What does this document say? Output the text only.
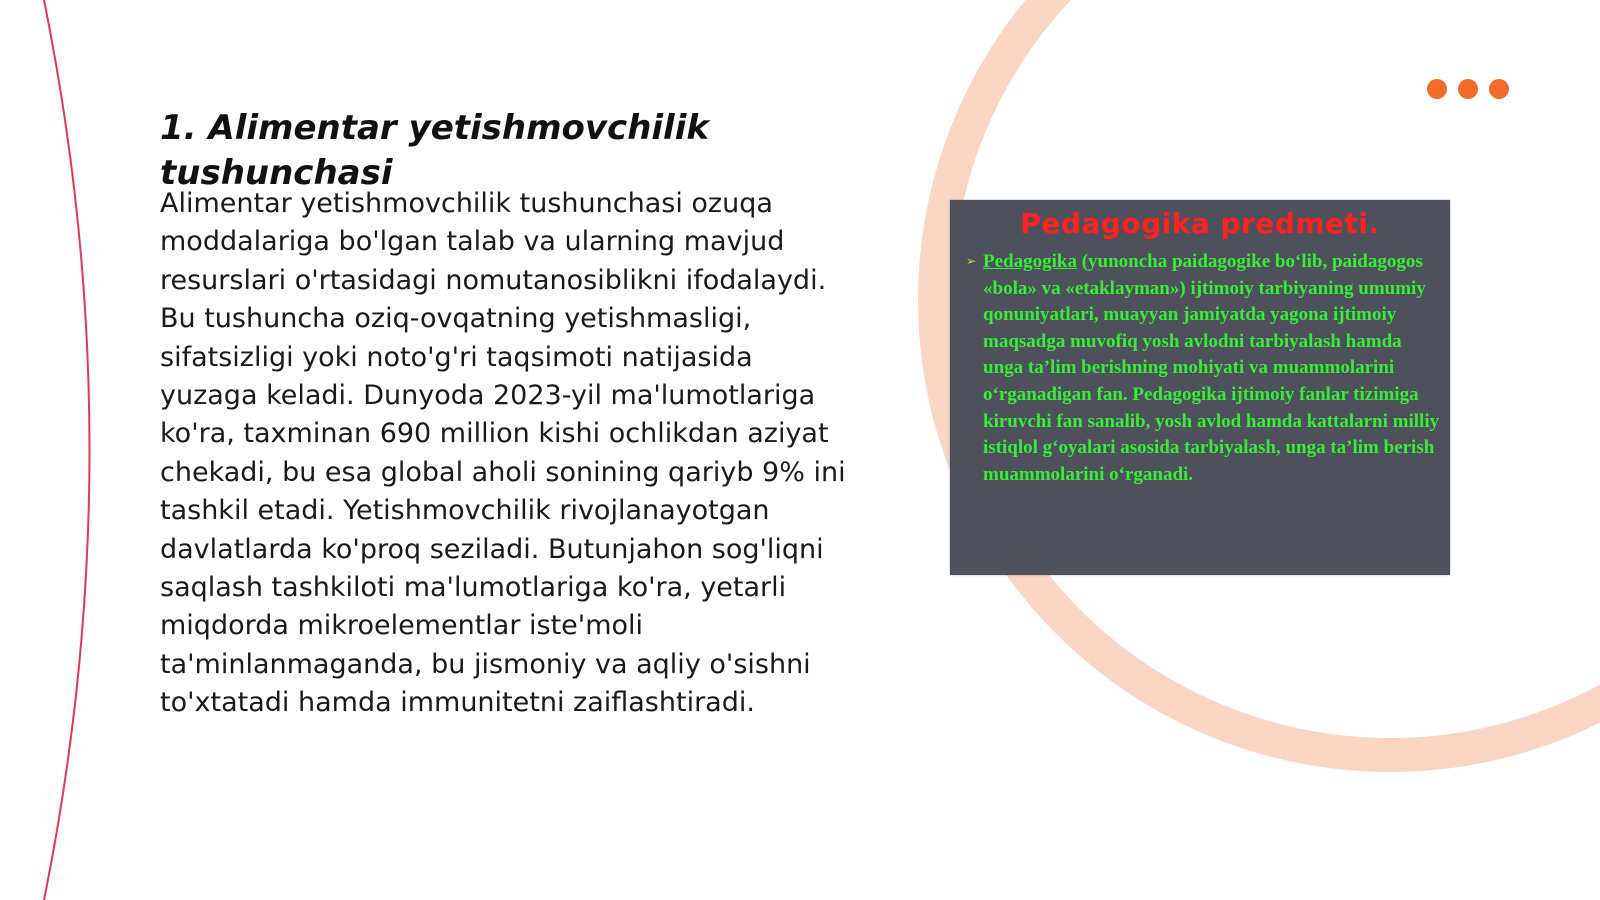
1. Alimentar yetishmovchilik tushunchasi

Alimentar yetishmovchilik tushunchasi ozuqa moddalariga bo'lgan talab va ularning mavjud resurslari o'rtasidagi nomutanosiblikni ifodalaydi. Bu tushuncha oziq-ovqatning yetishmasligi, sifatsizligi yoki noto'g'ri taqsimoti natijasida yuzaga keladi. Dunyoda 2023-yil ma'lumotlariga ko'ra, taxminan 690 million kishi ochlikdan aziyat chekadi, bu esa global aholi sonining qariyb 9% ini tashkil etadi. Yetishmovchilik rivojlanayotgan davlatlarda ko'proq seziladi. Butunjahon sog'liqni saqlash tashkiloti ma'lumotlariga ko'ra, yetarli miqdorda mikroelementlar iste'moli ta'minlanmaganda, bu jismoniy va aqliy o'sishni to'xtatadi hamda immunitetni zaiflashtiradi.

Pedagogika predmeti.
➢ Pedagogika (yunoncha paidagogike bo‘lib, paidagogos «bola» va «etaklayman») ijtimoiy tarbiyaning umumiy qonuniyatlari, muayyan jamiyatda yagona ijtimoiy maqsadga muvofiq yosh avlodni tarbiyalash hamda unga ta’lim berishning mohiyati va muammolarini o‘rganadigan fan. Pedagogika ijtimoiy fanlar tizimiga kiruvchi fan sanalib, yosh avlod hamda kattalarni milliy istiqlol g‘oyalari asosida tarbiyalash, unga ta’lim berish muammolarini o‘rganadi.
